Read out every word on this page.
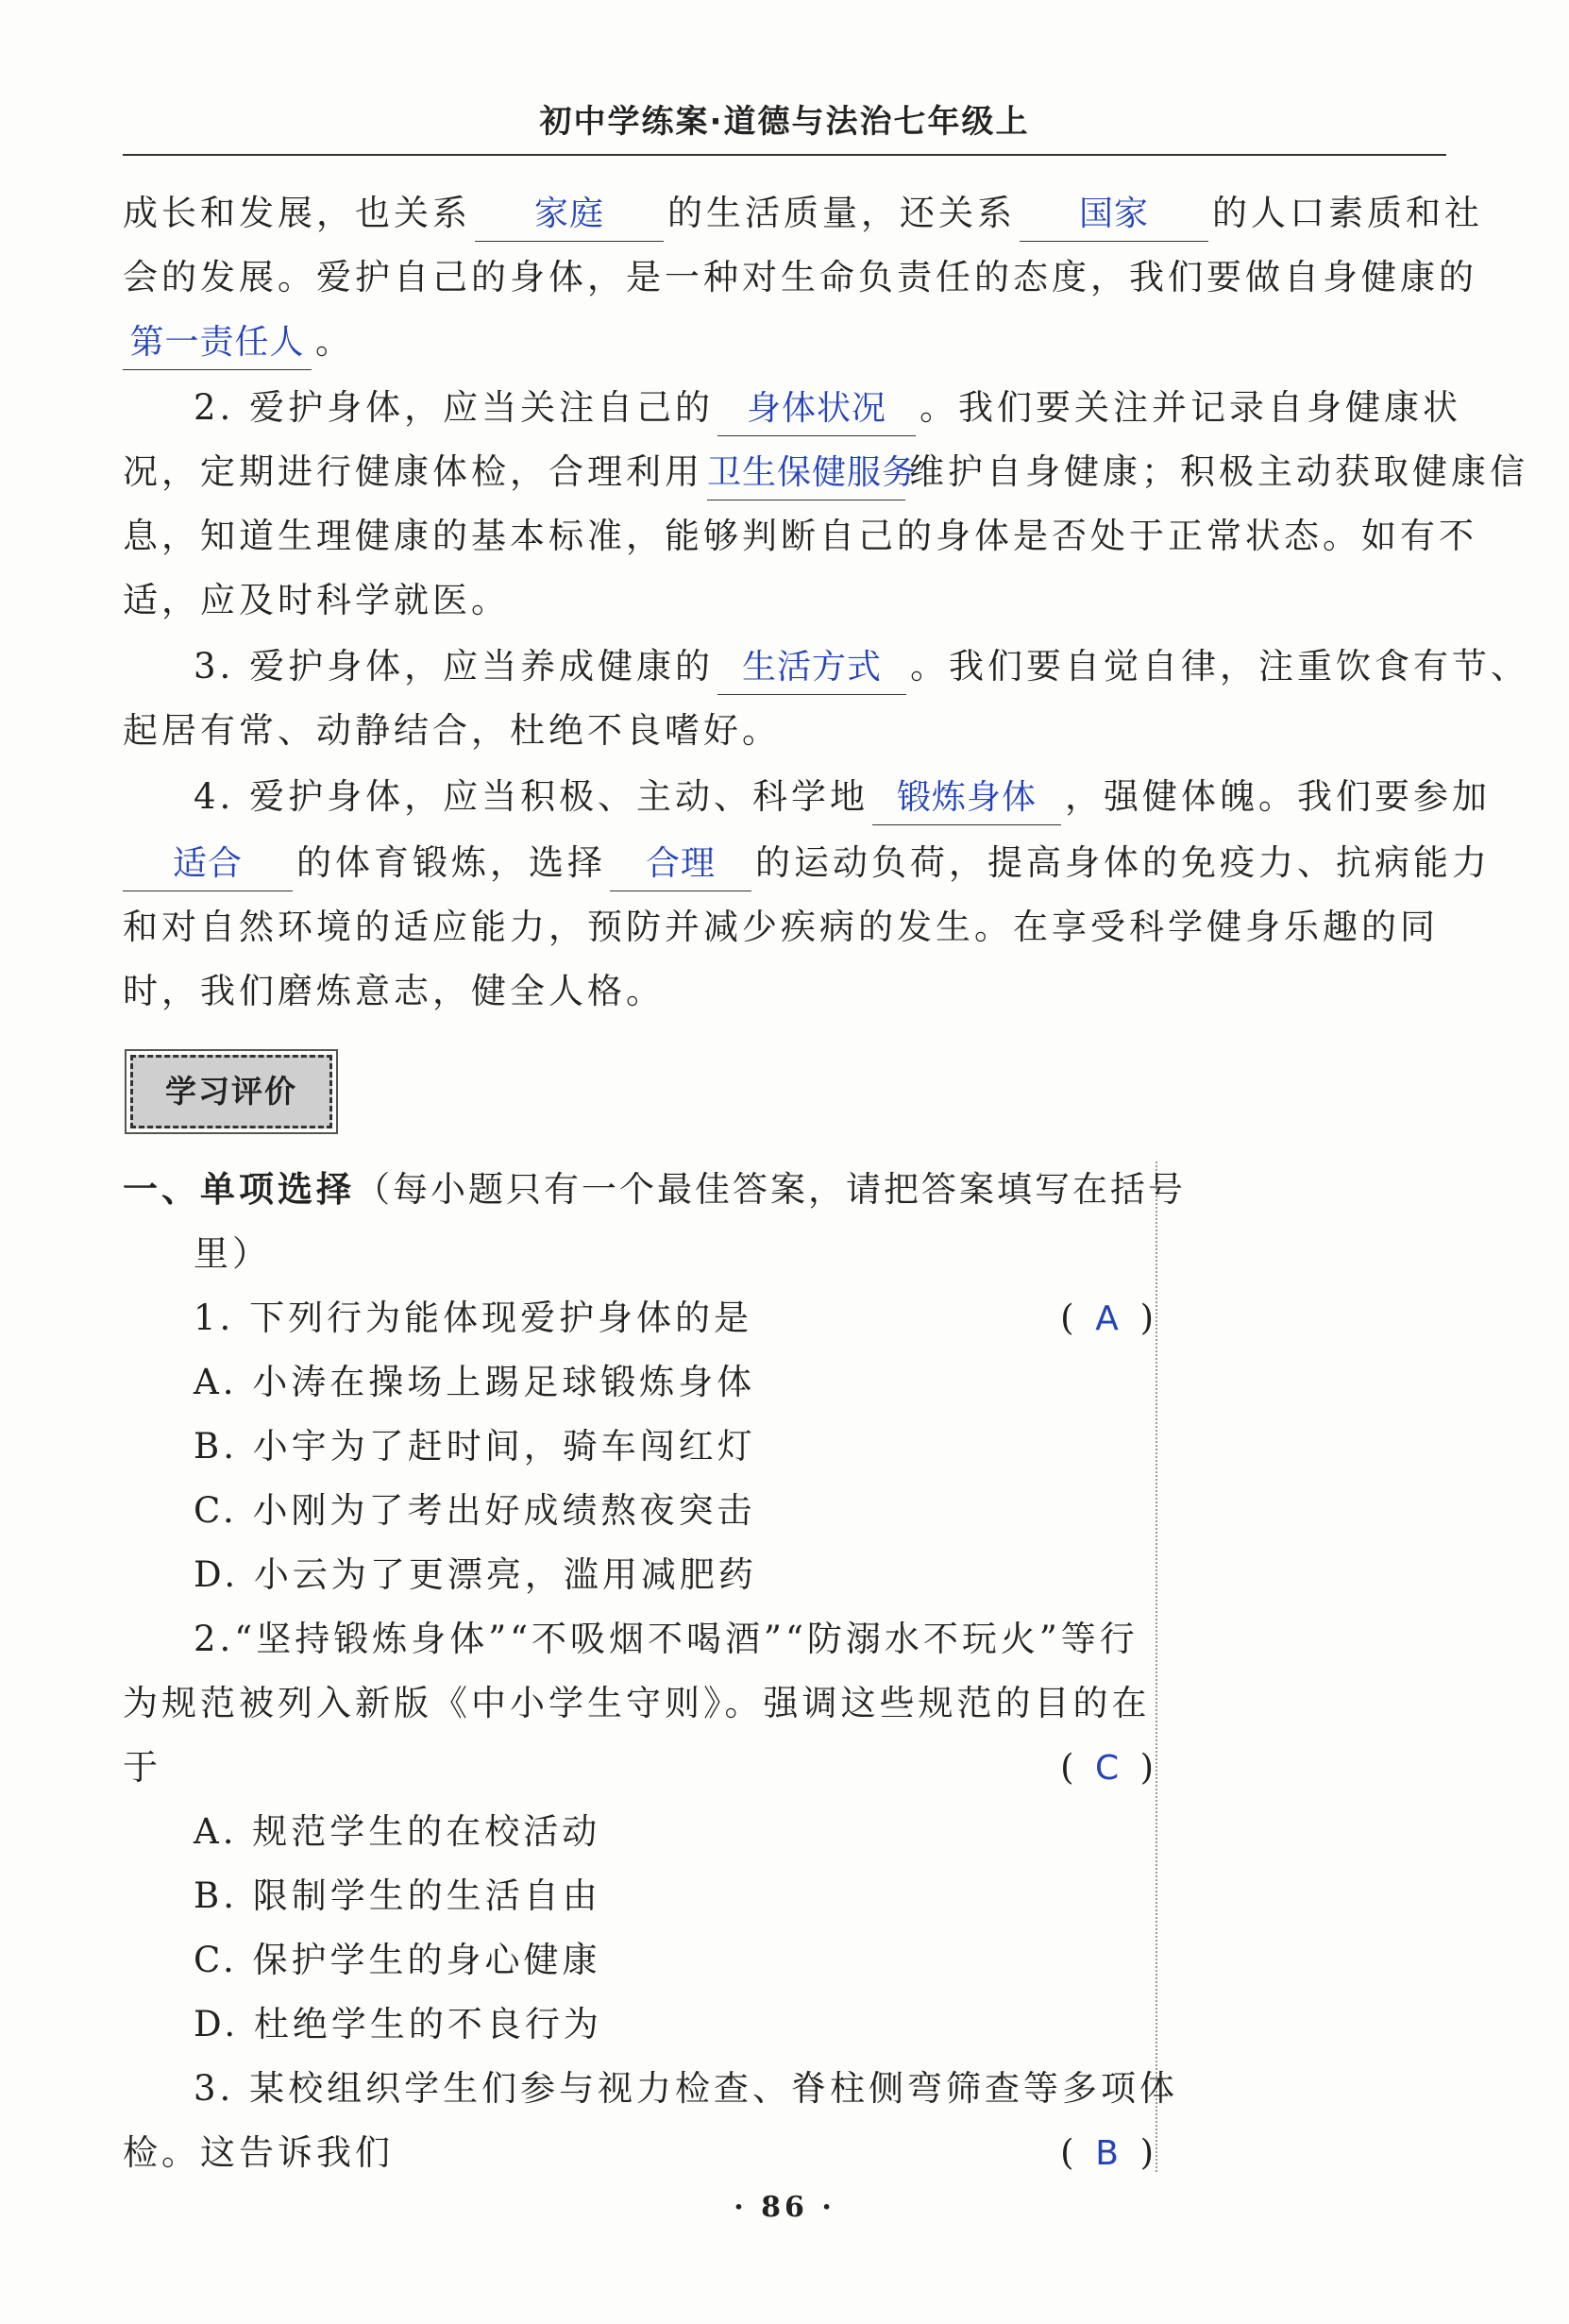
初中学练案·道德与法治七年级上
成长和发展，也关系	家庭	的生活质量，还关系	国家	的人口素质和社
会的发展。爱护自己的身体，是一种对生命负责任的态度，我们要做自身健康的
第一责任人 。
2. 爱护身体，应当关注自己的 身体状况 。我们要关注并记录自身健康状
况，定期进行健康体检，合理利用 卫生保健服务
维护自身健康；积极主动获取健康信
息，知道生理健康的基本标准，能够判断自己的身体是否处于正常状态。如有不
适，应及时科学就医。
3. 爱护身体，应当养成健康的 生活方式 。我们要自觉自律，注重饮食有节、
起居有常、动静结合，杜绝不良嗜好。
4. 爱护身体，应当积极、主动、科学地 锻炼身体 ，强健体魄。我们要参加
适合	的体育锻炼，选择	合理	的运动负荷，提高身体的免疫力、抗病能力
和对自然环境的适应能力，预防并减少疾病的发生。在享受科学健身乐趣的同
时，我们磨炼意志，健全人格。
学习评价
一、单项选择（每小题只有一个最佳答案，请把答案填写在括号
里）
1. 下列行为能体现爱护身体的是	( A )
A. 小涛在操场上踢足球锻炼身体
B. 小宇为了赶时间，骑车闯红灯
C. 小刚为了考出好成绩熬夜突击
D. 小云为了更漂亮，滥用减肥药
2.“坚持锻炼身体”“不吸烟不喝酒”“防溺水不玩火”等行
为规范被列入新版《中小学生守则》。强调这些规范的目的在
于	( C )
A. 规范学生的在校活动
B. 限制学生的生活自由
C. 保护学生的身心健康
D. 杜绝学生的不良行为
3. 某校组织学生们参与视力检查、脊柱侧弯筛查等多项体
检。这告诉我们	( B )
· 86 ·
